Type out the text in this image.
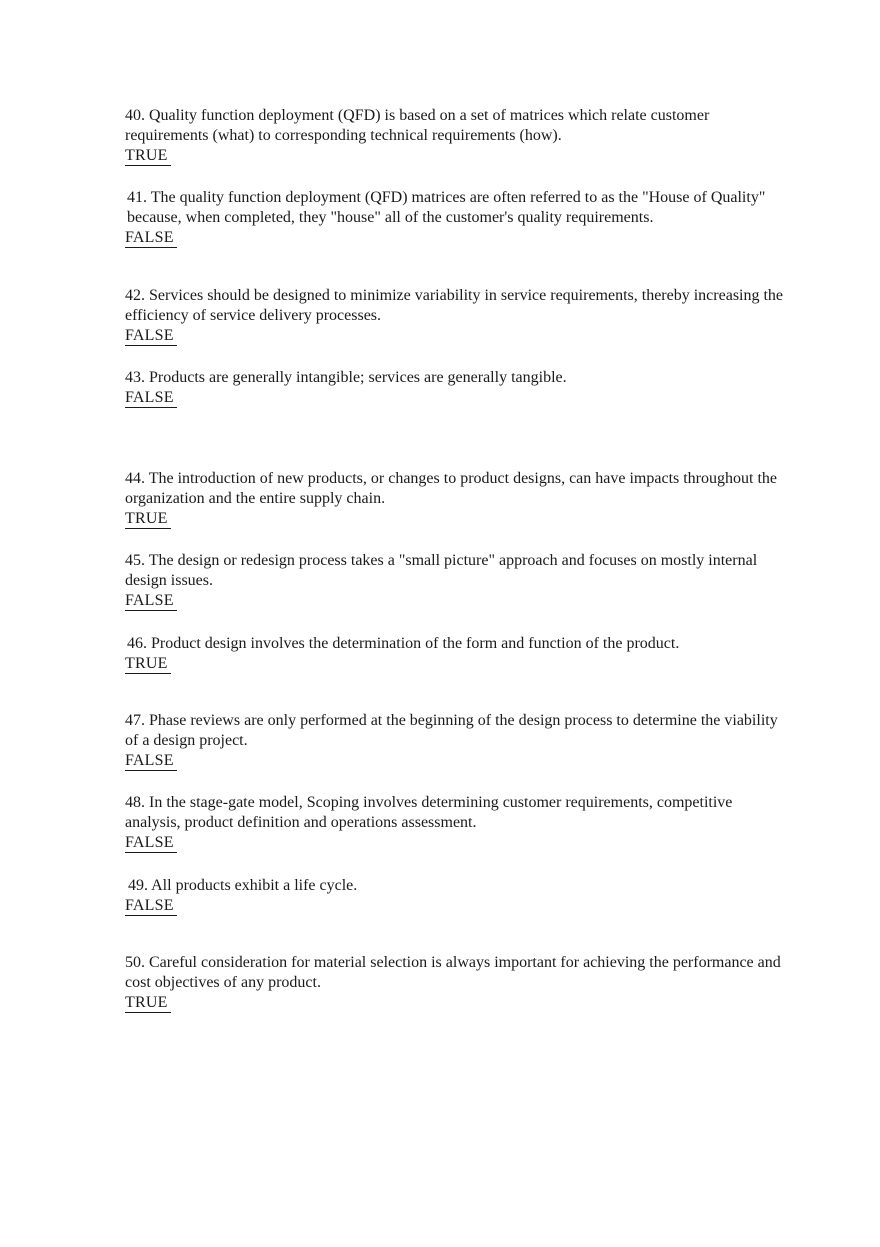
40. Quality function deployment (QFD) is based on a set of matrices which relate customer requirements (what) to corresponding technical requirements (how).
TRUE
41. The quality function deployment (QFD) matrices are often referred to as the "House of Quality" because, when completed, they "house" all of the customer's quality requirements.
FALSE
42. Services should be designed to minimize variability in service requirements, thereby increasing the efficiency of service delivery processes.
FALSE
43. Products are generally intangible; services are generally tangible.
FALSE
44. The introduction of new products, or changes to product designs, can have impacts throughout the organization and the entire supply chain.
TRUE
45. The design or redesign process takes a "small picture" approach and focuses on mostly internal design issues.
FALSE
46. Product design involves the determination of the form and function of the product.
TRUE
47. Phase reviews are only performed at the beginning of the design process to determine the viability of a design project.
FALSE
48. In the stage-gate model, Scoping involves determining customer requirements, competitive analysis, product definition and operations assessment.
FALSE
49. All products exhibit a life cycle.
FALSE
50. Careful consideration for material selection is always important for achieving the performance and cost objectives of any product.
TRUE
